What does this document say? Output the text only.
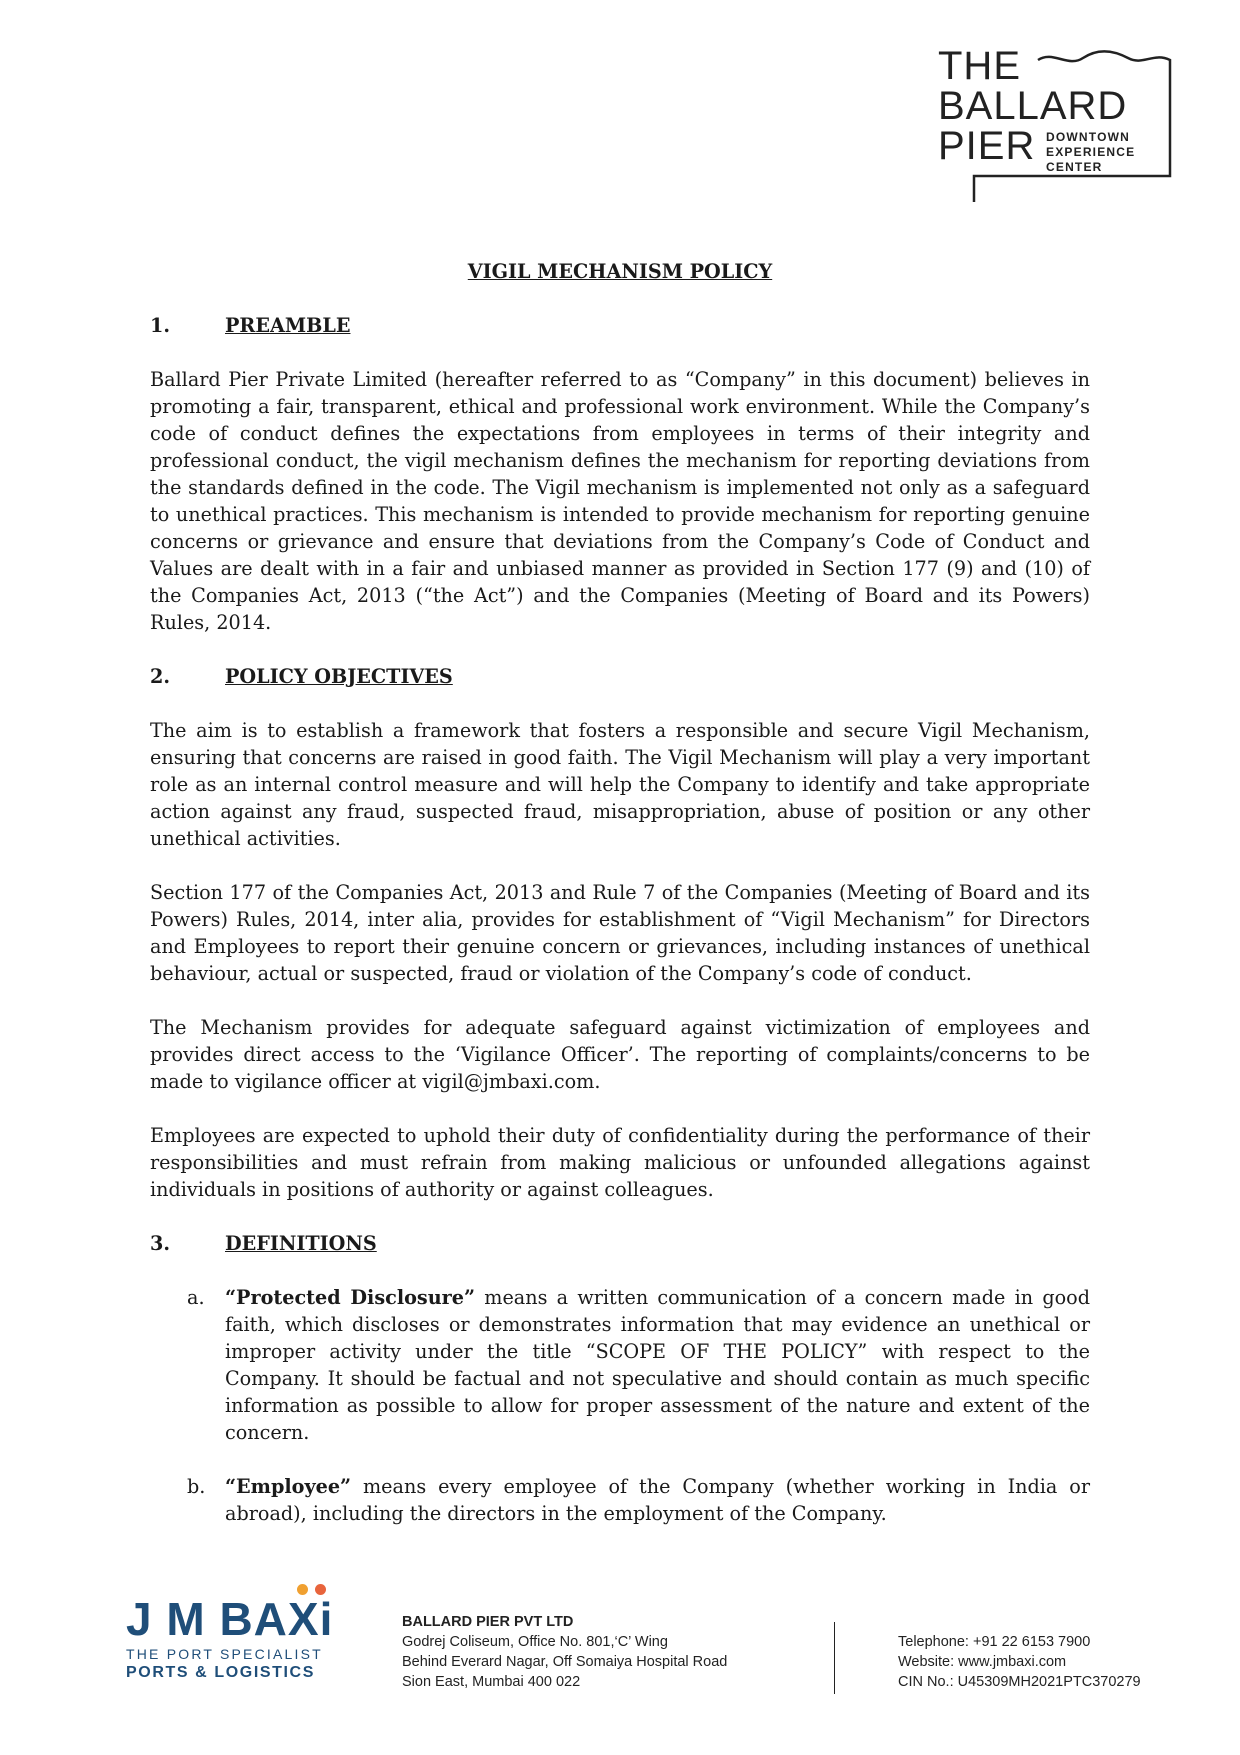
THE
BALLARD
PIER DOWNTOWN
EXPERIENCE
CENTER
VIGIL MECHANISM POLICY
1.	PREAMBLE
Ballard Pier Private Limited (hereafter referred to as “Company” in this document) believes in promoting a fair, transparent, ethical and professional work environment. While the Company’s code of conduct defines the expectations from employees in terms of their integrity and professional conduct, the vigil mechanism defines the mechanism for reporting deviations from the standards defined in the code. The Vigil mechanism is implemented not only as a safeguard to unethical practices. This mechanism is intended to provide mechanism for reporting genuine concerns or grievance and ensure that deviations from the Company’s Code of Conduct and Values are dealt with in a fair and unbiased manner as provided in Section 177 (9) and (10) of the Companies Act, 2013 (“the Act”) and the Companies (Meeting of Board and its Powers) Rules, 2014.
2.	POLICY OBJECTIVES
The aim is to establish a framework that fosters a responsible and secure Vigil Mechanism, ensuring that concerns are raised in good faith. The Vigil Mechanism will play a very important role as an internal control measure and will help the Company to identify and take appropriate action against any fraud, suspected fraud, misappropriation, abuse of position or any other unethical activities.
Section 177 of the Companies Act, 2013 and Rule 7 of the Companies (Meeting of Board and its Powers) Rules, 2014, inter alia, provides for establishment of “Vigil Mechanism” for Directors and Employees to report their genuine concern or grievances, including instances of unethical behaviour, actual or suspected, fraud or violation of the Company’s code of conduct.
The Mechanism provides for adequate safeguard against victimization of employees and provides direct access to the ‘Vigilance Officer’. The reporting of complaints/concerns to be made to vigilance officer at vigil@jmbaxi.com.
Employees are expected to uphold their duty of confidentiality during the performance of their responsibilities and must refrain from making malicious or unfounded allegations against individuals in positions of authority or against colleagues.
3.	DEFINITIONS
a.	“Protected Disclosure” means a written communication of a concern made in good faith, which discloses or demonstrates information that may evidence an unethical or improper activity under the title “SCOPE OF THE POLICY” with respect to the Company. It should be factual and not speculative and should contain as much specific information as possible to allow for proper assessment of the nature and extent of the concern.
b.	“Employee” means every employee of the Company (whether working in India or abroad), including the directors in the employment of the Company.
J M BAXi
THE PORT SPECIALIST
PORTS & LOGISTICS
BALLARD PIER PVT LTD
Godrej Coliseum, Office No. 801,‘C’ Wing
Behind Everard Nagar, Off Somaiya Hospital Road
Sion East, Mumbai 400 022
Telephone: +91 22 6153 7900
Website: www.jmbaxi.com
CIN No.: U45309MH2021PTC370279
